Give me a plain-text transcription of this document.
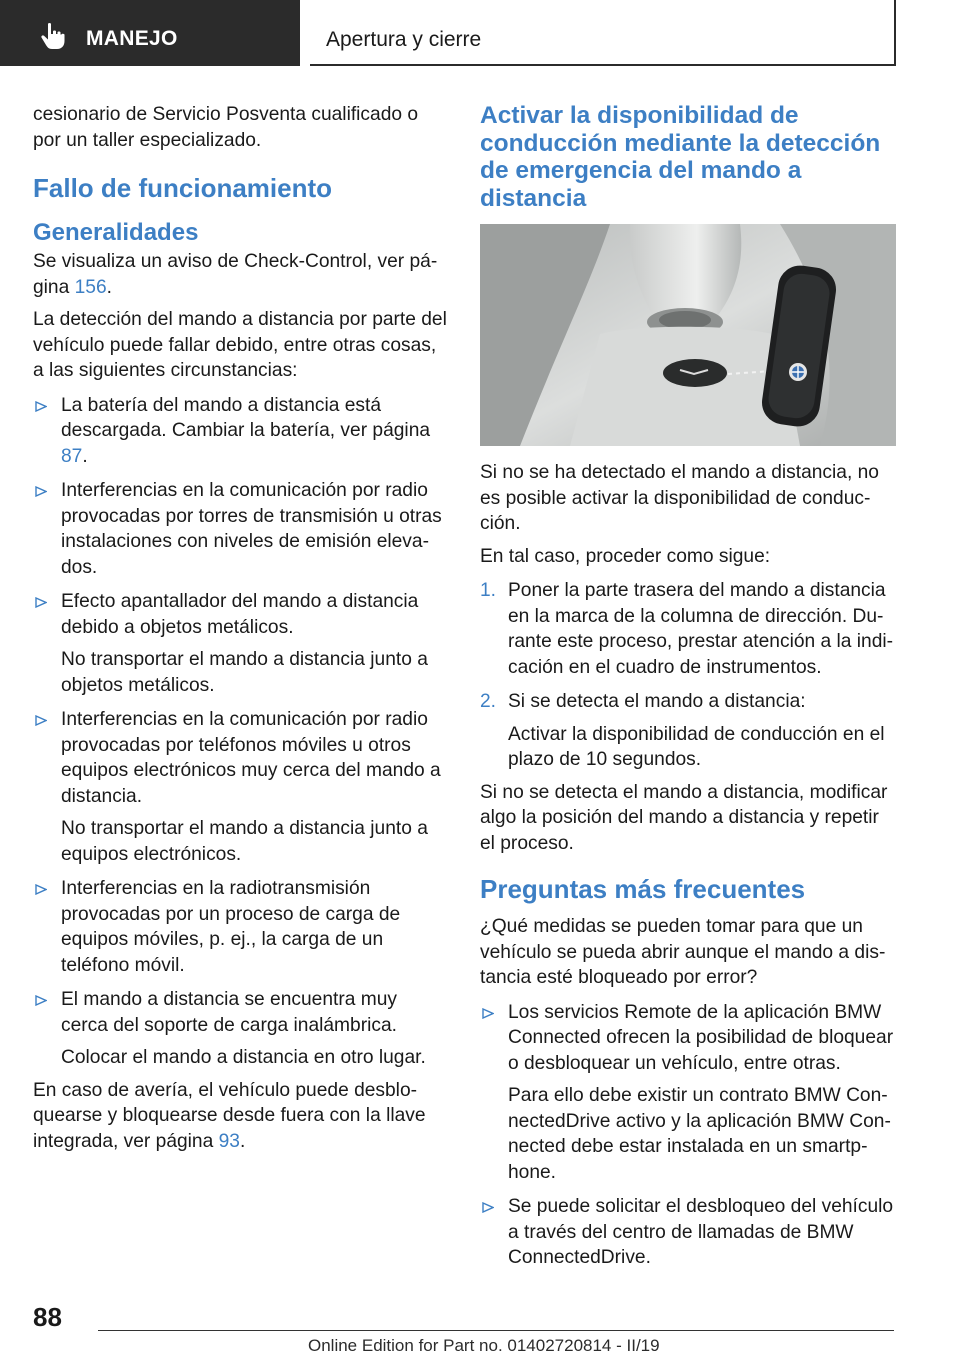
MANEJO	Apertura y cierre

cesionario de Servicio Posventa cualificado o por un taller especializado.

Fallo de funcionamiento
Generalidades

Se visualiza un aviso de Check-Control, ver página 156.

La detección del mando a distancia por parte del vehículo puede fallar debido, entre otras cosas, a las siguientes circunstancias:

La batería del mando a distancia está descargada. Cambiar la batería, ver página 87.
Interferencias en la comunicación por radio provocadas por torres de transmisión u otras instalaciones con niveles de emisión elevados.
Efecto apantallador del mando a distancia debido a objetos metálicos.
No transportar el mando a distancia junto a objetos metálicos.
Interferencias en la comunicación por radio provocadas por teléfonos móviles u otros equipos electrónicos muy cerca del mando a distancia.
No transportar el mando a distancia junto a equipos electrónicos.
Interferencias en la radiotransmisión provocadas por un proceso de carga de equipos móviles, p. ej., la carga de un teléfono móvil.
El mando a distancia se encuentra muy cerca del soporte de carga inalámbrica.
Colocar el mando a distancia en otro lugar.

En caso de avería, el vehículo puede desbloquearse y bloquearse desde fuera con la llave integrada, ver página 93.

Activar la disponibilidad de conducción mediante la detección de emergencia del mando a distancia

Si no se ha detectado el mando a distancia, no es posible activar la disponibilidad de conducción.

En tal caso, proceder como sigue:

1. Poner la parte trasera del mando a distancia en la marca de la columna de dirección. Durante este proceso, prestar atención a la indicación en el cuadro de instrumentos.
2. Si se detecta el mando a distancia:
Activar la disponibilidad de conducción en el plazo de 10 segundos.

Si no se detecta el mando a distancia, modificar algo la posición del mando a distancia y repetir el proceso.

Preguntas más frecuentes

¿Qué medidas se pueden tomar para que un vehículo se pueda abrir aunque el mando a distancia esté bloqueado por error?

Los servicios Remote de la aplicación BMW Connected ofrecen la posibilidad de bloquear o desbloquear un vehículo, entre otras.
Para ello debe existir un contrato BMW ConnectedDrive activo y la aplicación BMW Connected debe estar instalada en un smartphone.
Se puede solicitar el desbloqueo del vehículo a través del centro de llamadas de BMW ConnectedDrive.
88
Online Edition for Part no. 01402720814 - II/19
